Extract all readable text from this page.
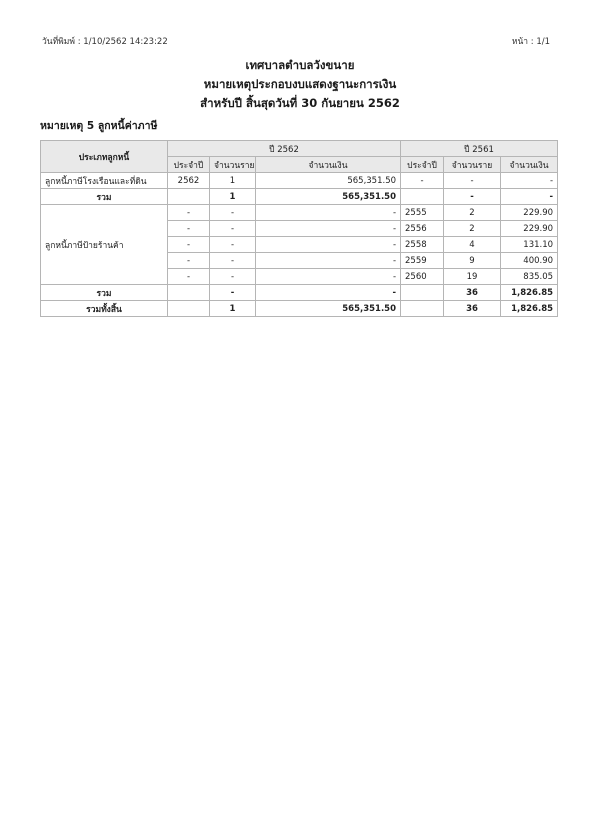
วันที่พิมพ์ : 1/10/2562 14:23:22	หน้า : 1/1
เทศบาลตำบลวังขนาย
หมายเหตุประกอบงบแสดงฐานะการเงิน
สำหรับปี สิ้นสุดวันที่ 30 กันยายน 2562
หมายเหตุ 5 ลูกหนี้ค่าภาษี
ประเภทลูกหนี้	ปี 2562			ปี 2561		
	ประจำปี	จำนวนราย	จำนวนเงิน	ประจำปี	จำนวนราย	จำนวนเงิน
ลูกหนี้ภาษีโรงเรือนและที่ดิน	2562	1	565,351.50	-	-	-
รวม		1	565,351.50		-	-
ลูกหนี้ภาษีป้ายร้านค้า	-	-	-	2555	2	229.90
	-	-	-	2556	2	229.90
	-	-	-	2558	4	131.10
	-	-	-	2559	9	400.90
	-	-	-	2560	19	835.05
รวม		-	-		36	1,826.85
รวมทั้งสิ้น		1	565,351.50		36	1,826.85
